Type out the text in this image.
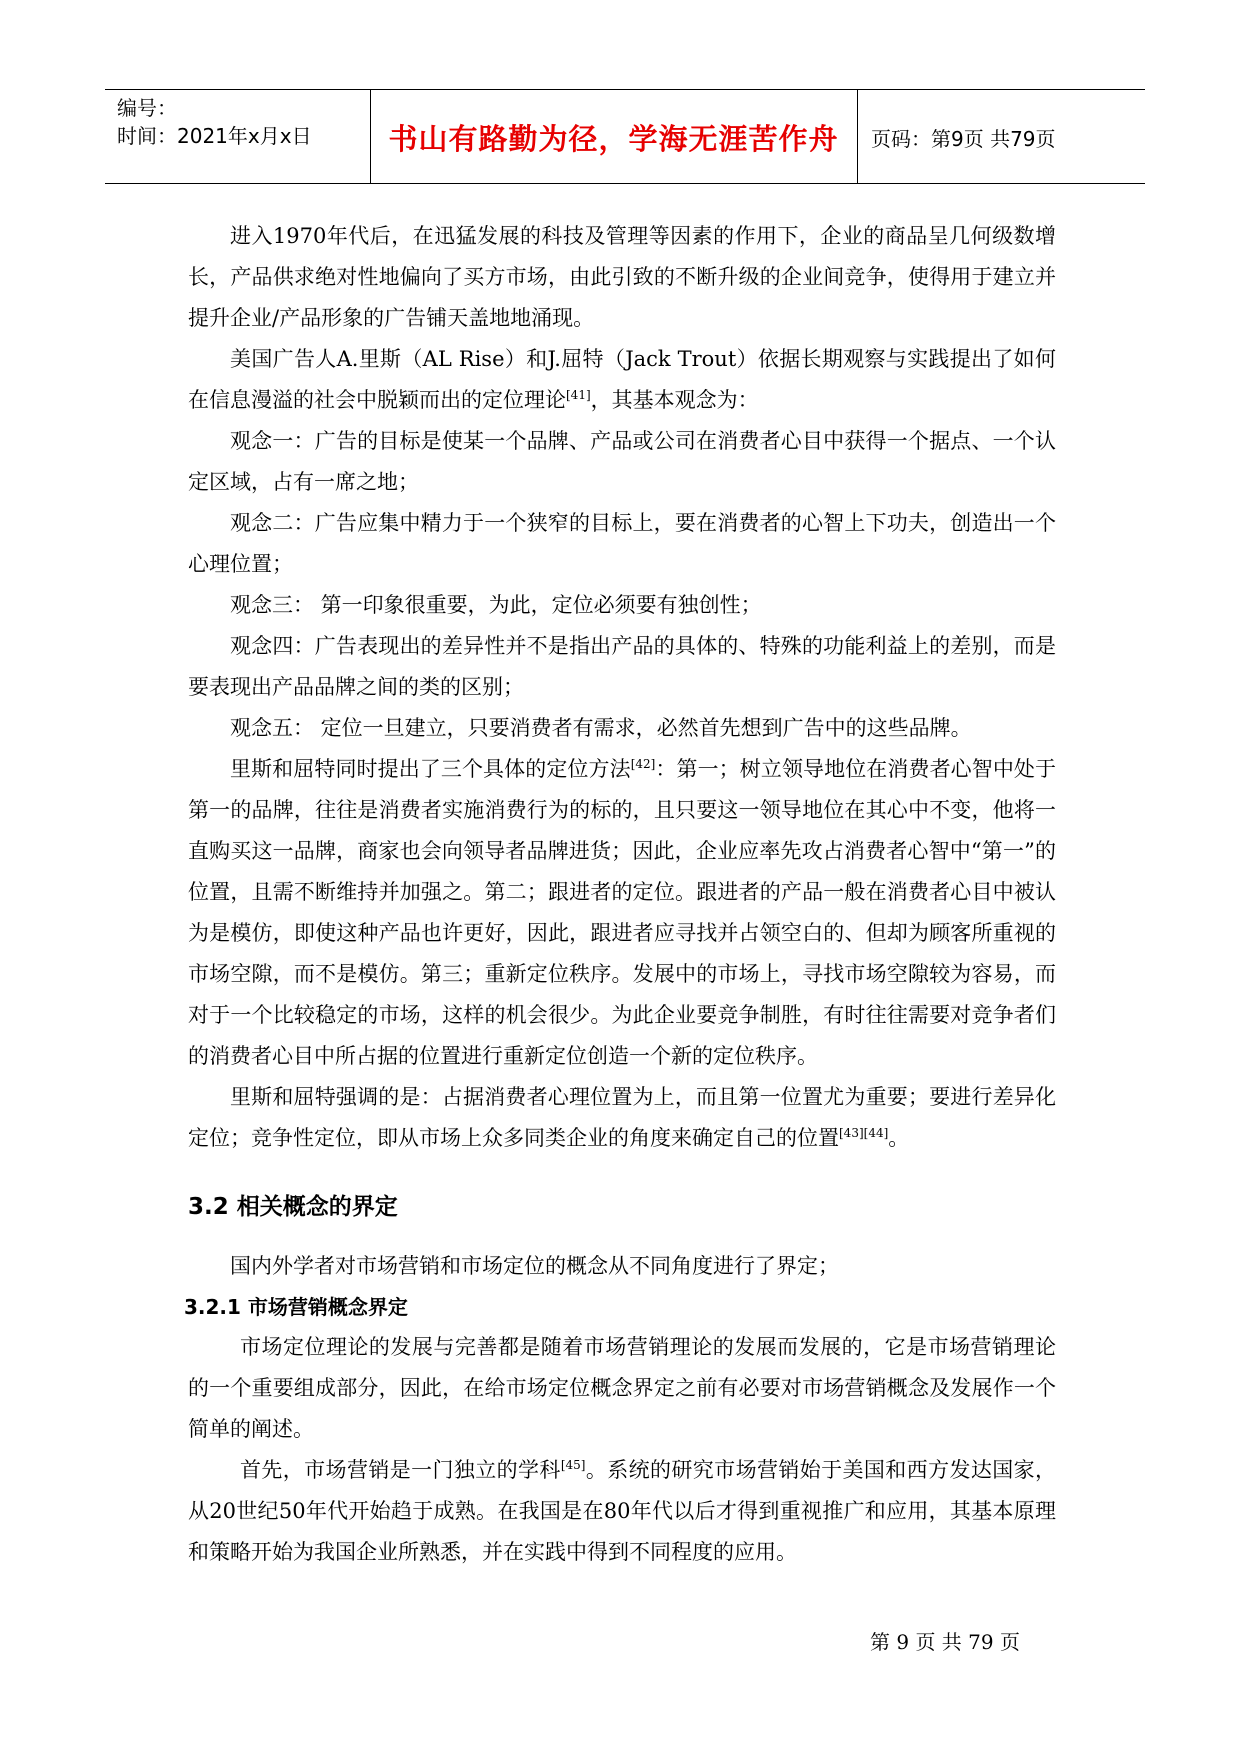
编号：
时间：2021年x月x日	书山有路勤为径，学海无涯苦作舟	页码：第9页 共79页

进入1970年代后，在迅猛发展的科技及管理等因素的作用下，企业的商品呈几何级数增长，产品供求绝对性地偏向了买方市场，由此引致的不断升级的企业间竞争，使得用于建立并提升企业/产品形象的广告铺天盖地地涌现。

美国广告人A.里斯（AL Rise）和J.屈特（Jack Trout）依据长期观察与实践提出了如何在信息漫溢的社会中脱颖而出的定位理论[41]，其基本观念为：

观念一：广告的目标是使某一个品牌、产品或公司在消费者心目中获得一个据点、一个认定区域，占有一席之地；

观念二：广告应集中精力于一个狭窄的目标上，要在消费者的心智上下功夫，创造出一个心理位置；

观念三： 第一印象很重要，为此，定位必须要有独创性；

观念四：广告表现出的差异性并不是指出产品的具体的、特殊的功能利益上的差别，而是要表现出产品品牌之间的类的区别；

观念五： 定位一旦建立，只要消费者有需求，必然首先想到广告中的这些品牌。

里斯和屈特同时提出了三个具体的定位方法[42]：第一；树立领导地位在消费者心智中处于第一的品牌，往往是消费者实施消费行为的标的，且只要这一领导地位在其心中不变，他将一直购买这一品牌，商家也会向领导者品牌进货；因此，企业应率先攻占消费者心智中“第一”的位置，且需不断维持并加强之。第二；跟进者的定位。跟进者的产品一般在消费者心目中被认为是模仿，即使这种产品也许更好，因此，跟进者应寻找并占领空白的、但却为顾客所重视的市场空隙，而不是模仿。第三；重新定位秩序。发展中的市场上，寻找市场空隙较为容易，而对于一个比较稳定的市场，这样的机会很少。为此企业要竞争制胜，有时往往需要对竞争者们的消费者心目中所占据的位置进行重新定位创造一个新的定位秩序。

里斯和屈特强调的是：占据消费者心理位置为上，而且第一位置尤为重要；要进行差异化定位；竞争性定位，即从市场上众多同类企业的角度来确定自己的位置[43][44]。

3.2 相关概念的界定

国内外学者对市场营销和市场定位的概念从不同角度进行了界定；

3.2.1 市场营销概念界定

市场定位理论的发展与完善都是随着市场营销理论的发展而发展的，它是市场营销理论的一个重要组成部分，因此，在给市场定位概念界定之前有必要对市场营销概念及发展作一个简单的阐述。

首先，市场营销是一门独立的学科[45]。系统的研究市场营销始于美国和西方发达国家，从20世纪50年代开始趋于成熟。在我国是在80年代以后才得到重视推广和应用，其基本原理和策略开始为我国企业所熟悉，并在实践中得到不同程度的应用。

第 9 页 共 79 页
